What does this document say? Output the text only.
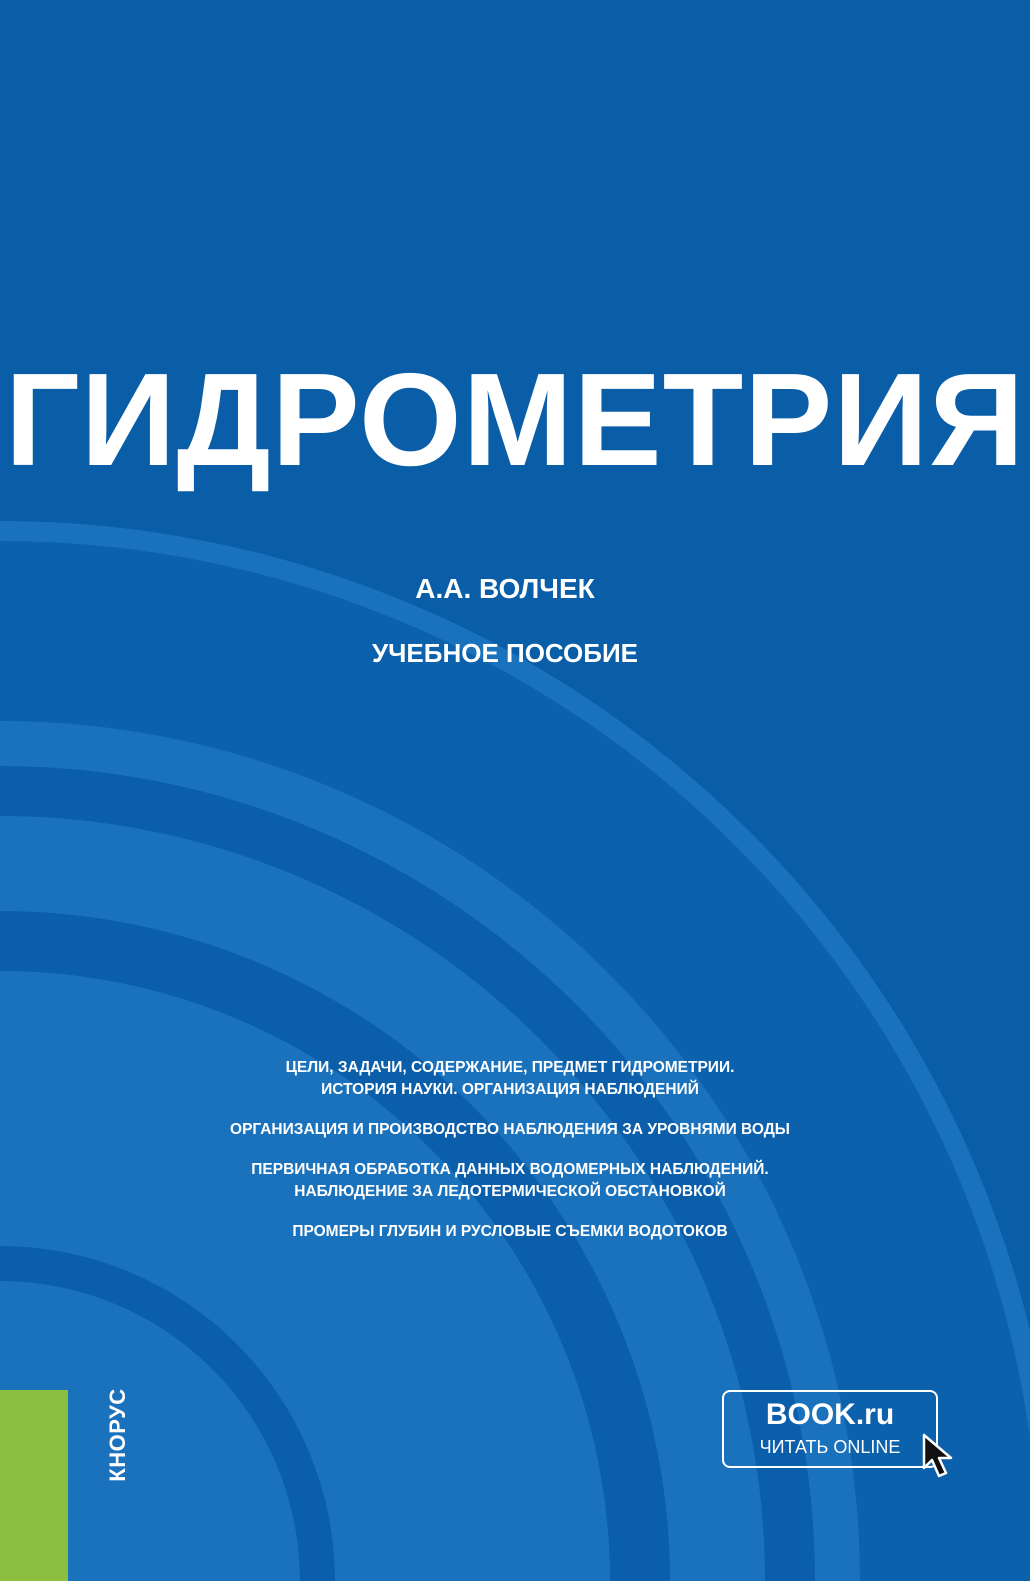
ГИДРОМЕТРИЯ
А.А. ВОЛЧЕК
УЧЕБНОЕ ПОСОБИЕ
ЦЕЛИ, ЗАДАЧИ, СОДЕРЖАНИЕ, ПРЕДМЕТ ГИДРОМЕТРИИ.
ИСТОРИЯ НАУКИ. ОРГАНИЗАЦИЯ НАБЛЮДЕНИЙ
ОРГАНИЗАЦИЯ И ПРОИЗВОДСТВО НАБЛЮДЕНИЯ ЗА УРОВНЯМИ ВОДЫ
ПЕРВИЧНАЯ ОБРАБОТКА ДАННЫХ ВОДОМЕРНЫХ НАБЛЮДЕНИЙ.
НАБЛЮДЕНИЕ ЗА ЛЕДОТЕРМИЧЕСКОЙ ОБСТАНОВКОЙ
ПРОМЕРЫ ГЛУБИН И РУСЛОВЫЕ СЪЕМКИ ВОДОТОКОВ
КНОРУС	BOOK.ru
ЧИТАТЬ ONLINE
